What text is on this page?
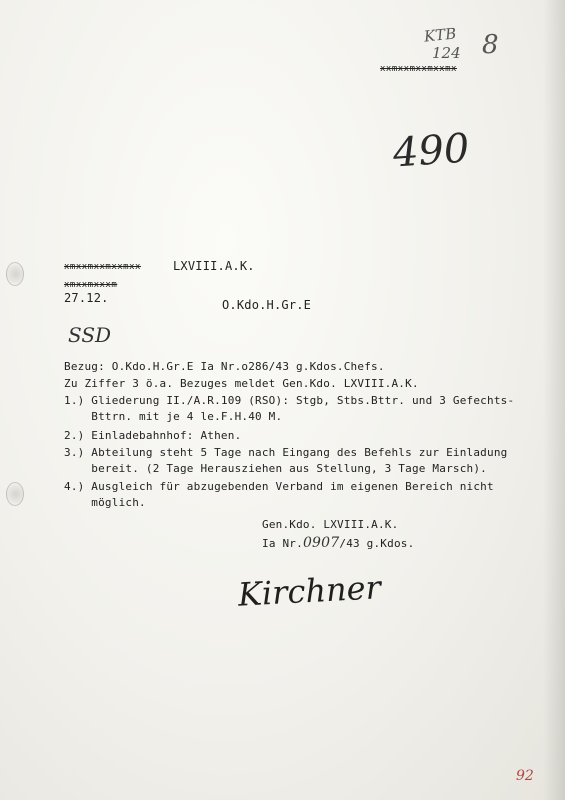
KTB
124 8
xxmxxmxxmxxmx
490
xmxxmxxmxxmxx	LXVIII.A.K.
xmxxmxxxm
27.12.	O.Kdo.H.Gr.E
SSD
Bezug: O.Kdo.H.Gr.E Ia Nr.o286/43 g.Kdos.Chefs.
Zu Ziffer 3 ö.a. Bezuges meldet Gen.Kdo. LXVIII.A.K.
1.) Gliederung II./A.R.109 (RSO): Stgb, Stbs.Bttr. und 3 Gefechts-
Bttrn. mit je 4 le.F.H.40 M.
2.) Einladebahnhof: Athen.
3.) Abteilung steht 5 Tage nach Eingang des Befehls zur Einladung
bereit. (2 Tage Herausziehen aus Stellung, 3 Tage Marsch).
4.) Ausgleich für abzugebenden Verband im eigenen Bereich nicht
möglich.
Gen.Kdo. LXVIII.A.K.
Ia Nr.0907/43 g.Kdos.
Kirchner
92
